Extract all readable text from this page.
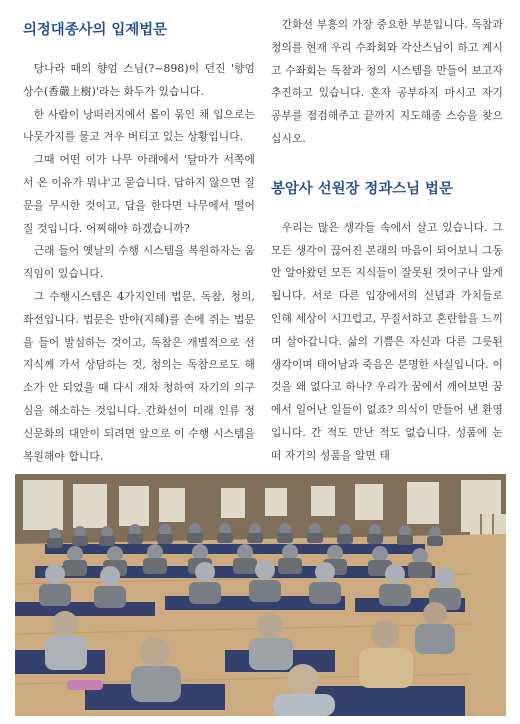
의정대종사의 입제법문

당나라 때의 향엄 스님(?~898)이 던진 '향엄상수(香嚴上樹)'라는 화두가 있습니다.

한 사람이 낭떠러지에서 몸이 묶인 채 입으로는 나뭇가지를 물고 겨우 버티고 있는 상황입니다.

그때 어떤 이가 나무 아래에서 '달마가 서쪽에서 온 이유가 뭐냐'고 묻습니다. 답하지 않으면 질문을 무시한 것이고, 답을 한다면 나무에서 떨어질 것입니다. 어찌해야 하겠습니까?

근래 들어 옛날의 수행 시스템을 복원하자는 움직임이 있습니다.

그 수행시스템은 4가지인데 법문, 독참, 청의, 좌선입니다. 법문은 반야(지혜)를 손에 쥐는 법문을 들어 발심하는 것이고, 독참은 개별적으로 선지식께 가서 상담하는 것, 청의는 독참으로도 해소가 안 되었을 때 다시 재차 청하여 자기의 의구심을 해소하는 것입니다. 간화선이 미래 인류 정신문화의 대안이 되려면 앞으로 이 수행 시스템을 복원해야 합니다.

간화선 부흥의 가장 중요한 부분입니다. 독참과 청의를 현재 우리 수좌회와 각산스님이 하고 계시고 수좌회는 독참과 청의 시스템을 만들어 보고자 추진하고 있습니다. 혼자 공부하지 마시고 자기 공부를 점검해주고 끝까지 지도해줄 스승을 찾으십시오.

봉암사 선원장 정과스님 법문

우리는 많은 생각들 속에서 살고 있습니다. 그 모든 생각이 끊어진 본래의 마음이 되어보니 그동안 알아왔던 모든 지식들이 잘못된 것이구나 알게 됩니다. 서로 다른 입장에서의 신념과 가치들로 인해 세상이 시끄럽고, 무질서하고 혼란함을 느끼며 살아갑니다. 삶의 기쁨은 자신과 다른 그릇된 생각이며 태어남과 죽음은 분명한 사실입니다. 이것을 왜 없다고 하나? 우리가 꿈에서 깨어보면 꿈에서 일어난 일들이 없죠? 의식이 만들어 낸 환영입니다. 간 적도 만난 적도 없습니다. 성품에 눈 떠 자기의 성품을 알면 태
